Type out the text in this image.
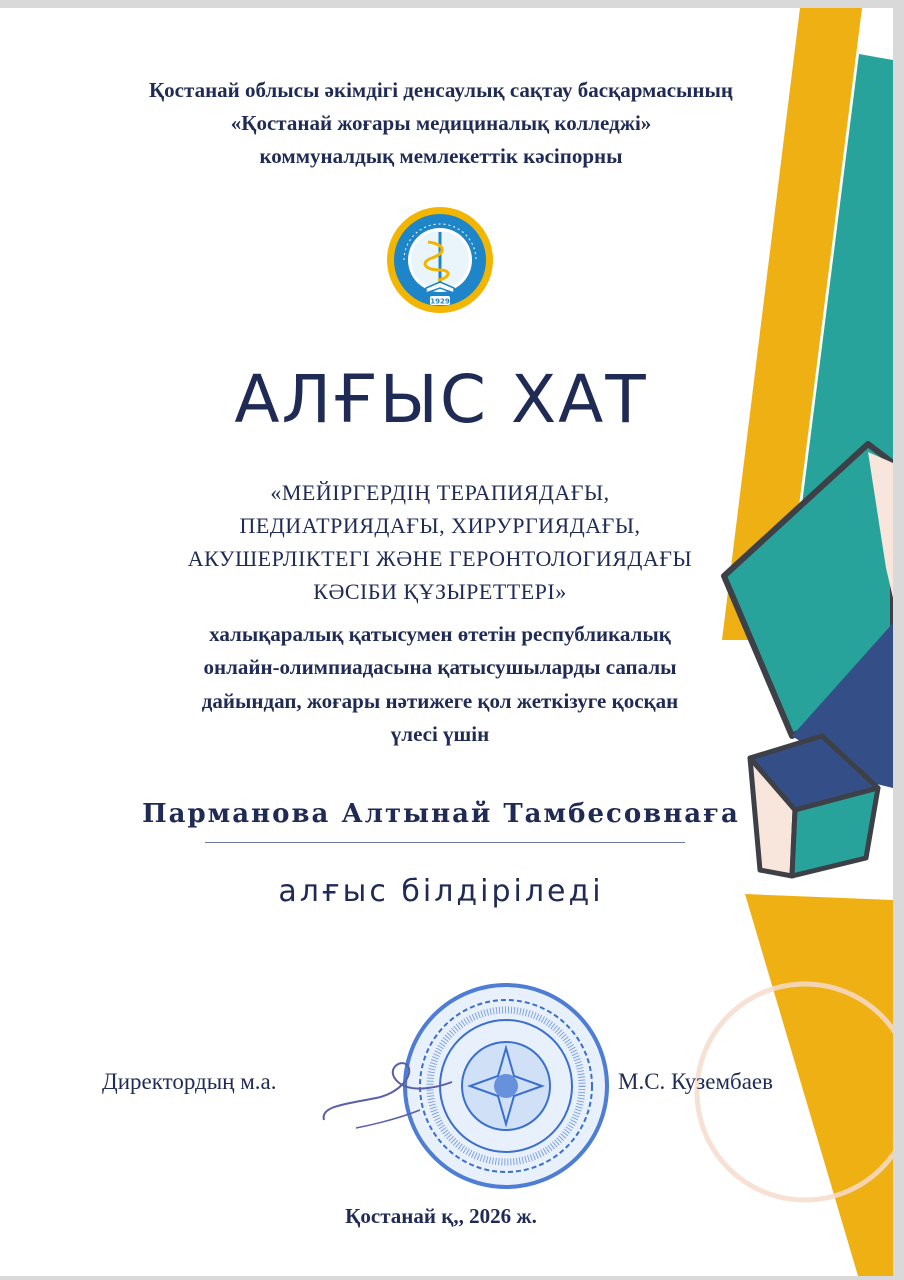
Қостанай облысы әкімдігі денсаулық сақтау басқармасының
«Қостанай жоғары медициналық колледжі»
коммуналдық мемлекеттік кәсіпорны
1929
АЛҒЫС ХАТ
«МЕЙІРГЕРДІҢ ТЕРАПИЯДАҒЫ,
ПЕДИАТРИЯДАҒЫ, ХИРУРГИЯДАҒЫ,
АКУШЕРЛІКТЕГІ ЖӘНЕ ГЕРОНТОЛОГИЯДАҒЫ
КӘСІБИ ҚҰЗЫРЕТТЕРІ»
халықаралық қатысумен өтетін республикалық
онлайн-олимпиадасына қатысушыларды сапалы
дайындап, жоғары нәтижеге қол жеткізуге қосқан
үлесі үшін
Парманова Алтынай Тамбесовнаға
алғыс білдіріледі
Директордың м.а.	М.С. Кузембаев
Қостанай қ,, 2026 ж.
